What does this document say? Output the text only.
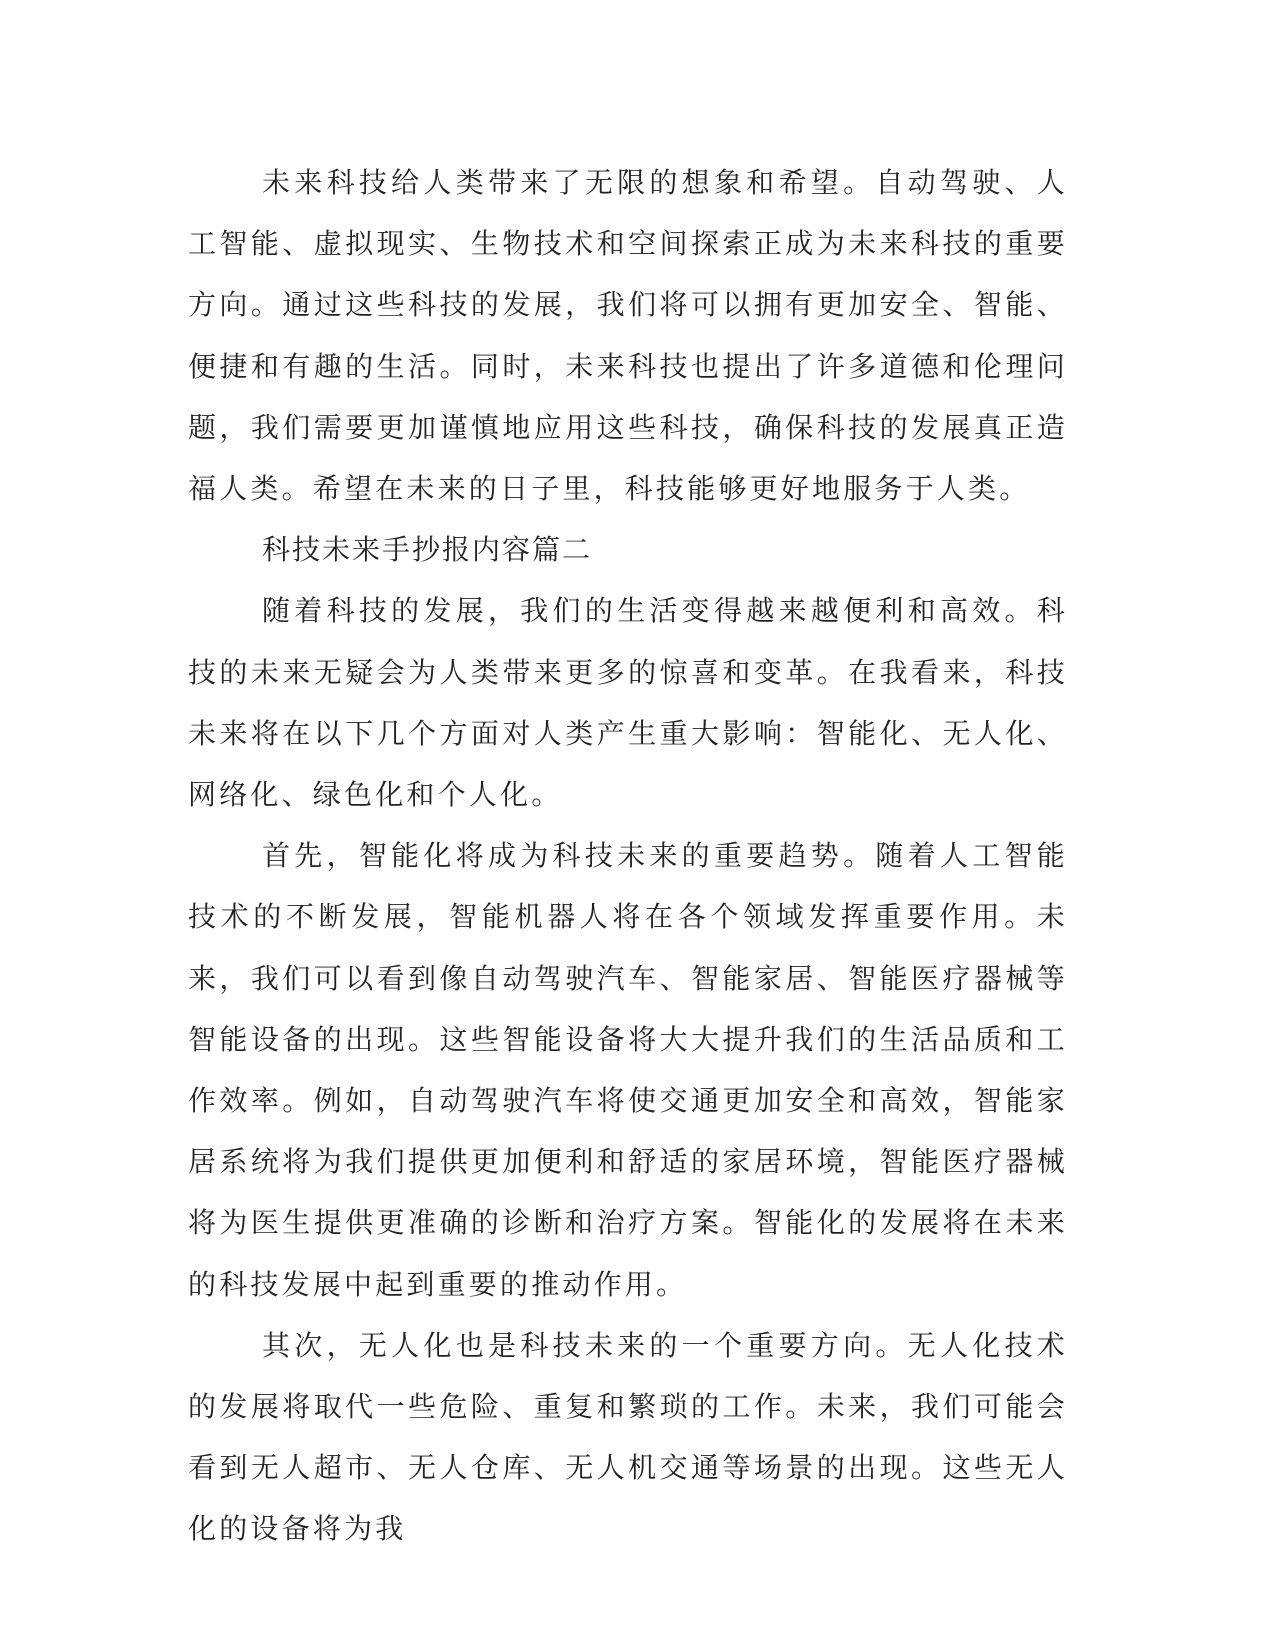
未来科技给人类带来了无限的想象和希望。自动驾驶、人工智能、虚拟现实、生物技术和空间探索正成为未来科技的重要方向。通过这些科技的发展，我们将可以拥有更加安全、智能、便捷和有趣的生活。同时，未来科技也提出了许多道德和伦理问题，我们需要更加谨慎地应用这些科技，确保科技的发展真正造福人类。希望在未来的日子里，科技能够更好地服务于人类。

科技未来手抄报内容篇二

随着科技的发展，我们的生活变得越来越便利和高效。科技的未来无疑会为人类带来更多的惊喜和变革。在我看来，科技未来将在以下几个方面对人类产生重大影响：智能化、无人化、网络化、绿色化和个人化。

首先，智能化将成为科技未来的重要趋势。随着人工智能技术的不断发展，智能机器人将在各个领域发挥重要作用。未来，我们可以看到像自动驾驶汽车、智能家居、智能医疗器械等智能设备的出现。这些智能设备将大大提升我们的生活品质和工作效率。例如，自动驾驶汽车将使交通更加安全和高效，智能家居系统将为我们提供更加便利和舒适的家居环境，智能医疗器械将为医生提供更准确的诊断和治疗方案。智能化的发展将在未来的科技发展中起到重要的推动作用。

其次，无人化也是科技未来的一个重要方向。无人化技术的发展将取代一些危险、重复和繁琐的工作。未来，我们可能会看到无人超市、无人仓库、无人机交通等场景的出现。这些无人化的设备将为我
